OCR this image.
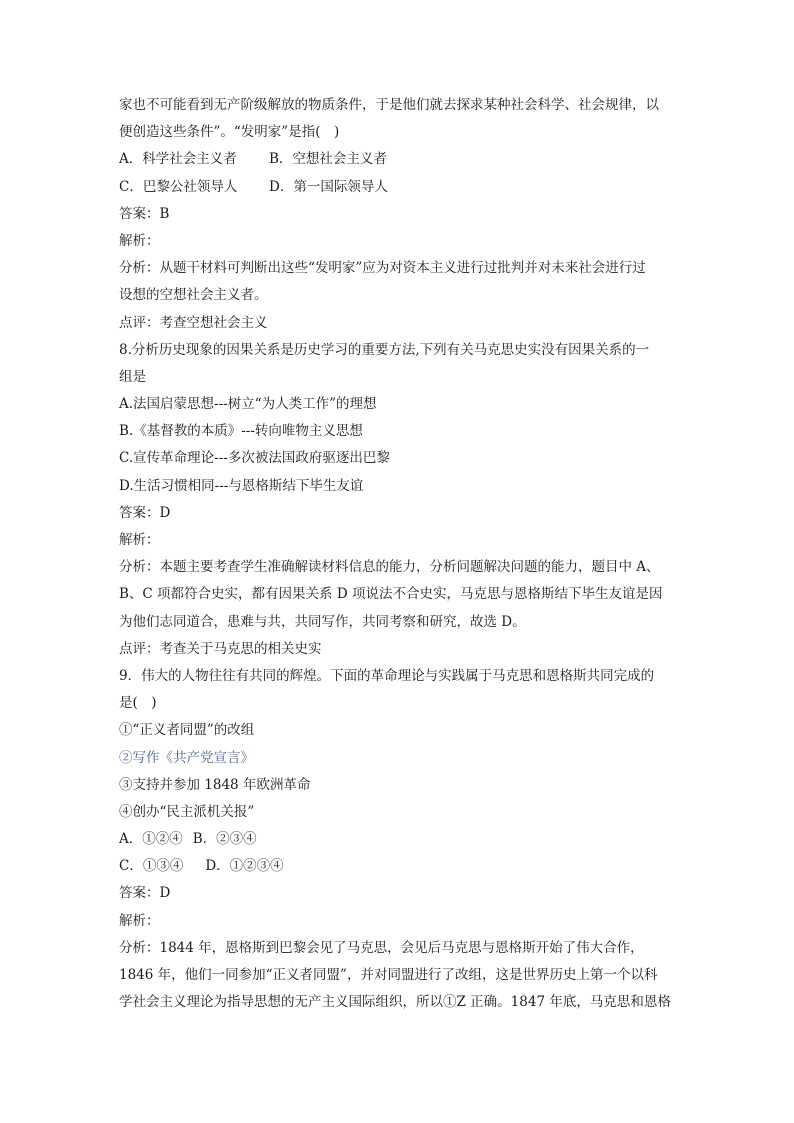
家也不可能看到无产阶级解放的物质条件，于是他们就去探求某种社会科学、社会规律，以
便创造这些条件”。“发明家”是指(　)
A．科学社会主义者	B．空想社会主义者
C．巴黎公社领导人	D．第一国际领导人
答案：B
解析：
分析：从题干材料可判断出这些“发明家”应为对资本主义进行过批判并对未来社会进行过
设想的空想社会主义者。
点评：考查空想社会主义
8.分析历史现象的因果关系是历史学习的重要方法,下列有关马克思史实没有因果关系的一
组是
A.法国启蒙思想---树立“为人类工作”的理想
B.《基督教的本质》---转向唯物主义思想
C.宣传革命理论---多次被法国政府驱逐出巴黎
D.生活习惯相同---与恩格斯结下毕生友谊
答案：D
解析：
分析：本题主要考查学生准确解读材料信息的能力，分析问题解决问题的能力，题目中 A、
B、C 项都符合史实，都有因果关系 D 项说法不合史实，马克思与恩格斯结下毕生友谊是因
为他们志同道合，患难与共，共同写作，共同考察和研究，故选 D。
点评：考查关于马克思的相关史实
9．伟大的人物往往有共同的辉煌。下面的革命理论与实践属于马克思和恩格斯共同完成的
是(　)
①“正义者同盟”的改组
②写作《共产党宣言》
③支持并参加 1848 年欧洲革命
④创办“民主派机关报”
A．①②④ B．②③④
C．①③④ D．①②③④
答案：D
解析：
分析：1844 年，恩格斯到巴黎会见了马克思，会见后马克思与恩格斯开始了伟大合作，
1846 年，他们一同参加“正义者同盟”，并对同盟进行了改组，这是世界历史上第一个以科
学社会主义理论为指导思想的无产主义国际组织，所以①Z 正确。1847 年底，马克思和恩格
